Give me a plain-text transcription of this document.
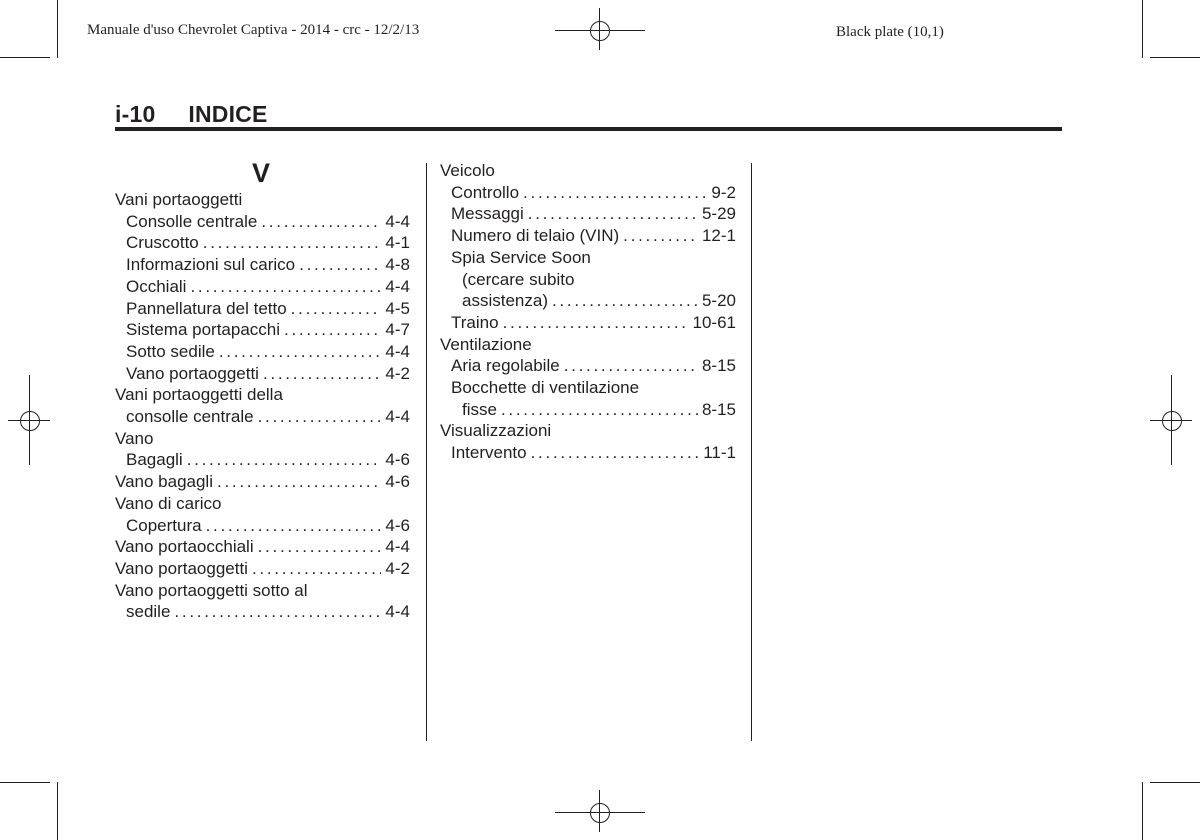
Manuale d'uso Chevrolet Captiva - 2014 - crc - 12/2/13	Black plate (10,1)
i-10     INDICE
V
Vani portaoggetti
Consolle centrale . . .	4-4
Cruscotto . . .	4-1
Informazioni sul carico . . .	4-8
Occhiali . . .	4-4
Pannellatura del tetto . . .	4-5
Sistema portapacchi . . .	4-7
Sotto sedile . . .	4-4
Vano portaoggetti . . .	4-2
Vani portaoggetti della
consolle centrale . . .	4-4
Vano
Bagagli . . .	4-6
Vano bagagli . . .	4-6
Vano di carico
Copertura . . .	4-6
Vano portaocchiali . . .	4-4
Vano portaoggetti . . .	4-2
Vano portaoggetti sotto al
sedile . . .	4-4
Veicolo
Controllo . . .	9-2
Messaggi . . .	5-29
Numero di telaio (VIN) . . .	12-1
Spia Service Soon
(cercare subito
assistenza) . . .	5-20
Traino . . .	10-61
Ventilazione
Aria regolabile . . .	8-15
Bocchette di ventilazione
fisse . . .	8-15
Visualizzazioni
Intervento . . .	11-1
